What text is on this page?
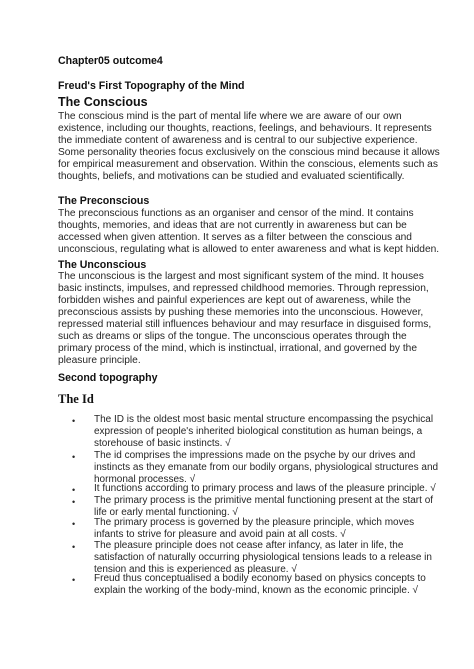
Chapter05 outcome4
Freud's First Topography of the Mind
The Conscious
The conscious mind is the part of mental life where we are aware of our own
existence, including our thoughts, reactions, feelings, and behaviours. It represents
the immediate content of awareness and is central to our subjective experience.
Some personality theories focus exclusively on the conscious mind because it allows
for empirical measurement and observation. Within the conscious, elements such as
thoughts, beliefs, and motivations can be studied and evaluated scientifically.
The Preconscious
The preconscious functions as an organiser and censor of the mind. It contains
thoughts, memories, and ideas that are not currently in awareness but can be
accessed when given attention. It serves as a filter between the conscious and
unconscious, regulating what is allowed to enter awareness and what is kept hidden.
The Unconscious
The unconscious is the largest and most significant system of the mind. It houses
basic instincts, impulses, and repressed childhood memories. Through repression,
forbidden wishes and painful experiences are kept out of awareness, while the
preconscious assists by pushing these memories into the unconscious. However,
repressed material still influences behaviour and may resurface in disguised forms,
such as dreams or slips of the tongue. The unconscious operates through the
primary process of the mind, which is instinctual, irrational, and governed by the
pleasure principle.
Second topography
The Id
• The ID is the oldest most basic mental structure encompassing the psychical
expression of people's inherited biological constitution as human beings, a
storehouse of basic instincts. √
• The id comprises the impressions made on the psyche by our drives and
instincts as they emanate from our bodily organs, physiological structures and
hormonal processes. √
• It functions according to primary process and laws of the pleasure principle. √
• The primary process is the primitive mental functioning present at the start of
life or early mental functioning. √
• The primary process is governed by the pleasure principle, which moves
infants to strive for pleasure and avoid pain at all costs. √
• The pleasure principle does not cease after infancy, as later in life, the
satisfaction of naturally occurring physiological tensions leads to a release in
tension and this is experienced as pleasure. √
• Freud thus conceptualised a bodily economy based on physics concepts to
explain the working of the body-mind, known as the economic principle. √
